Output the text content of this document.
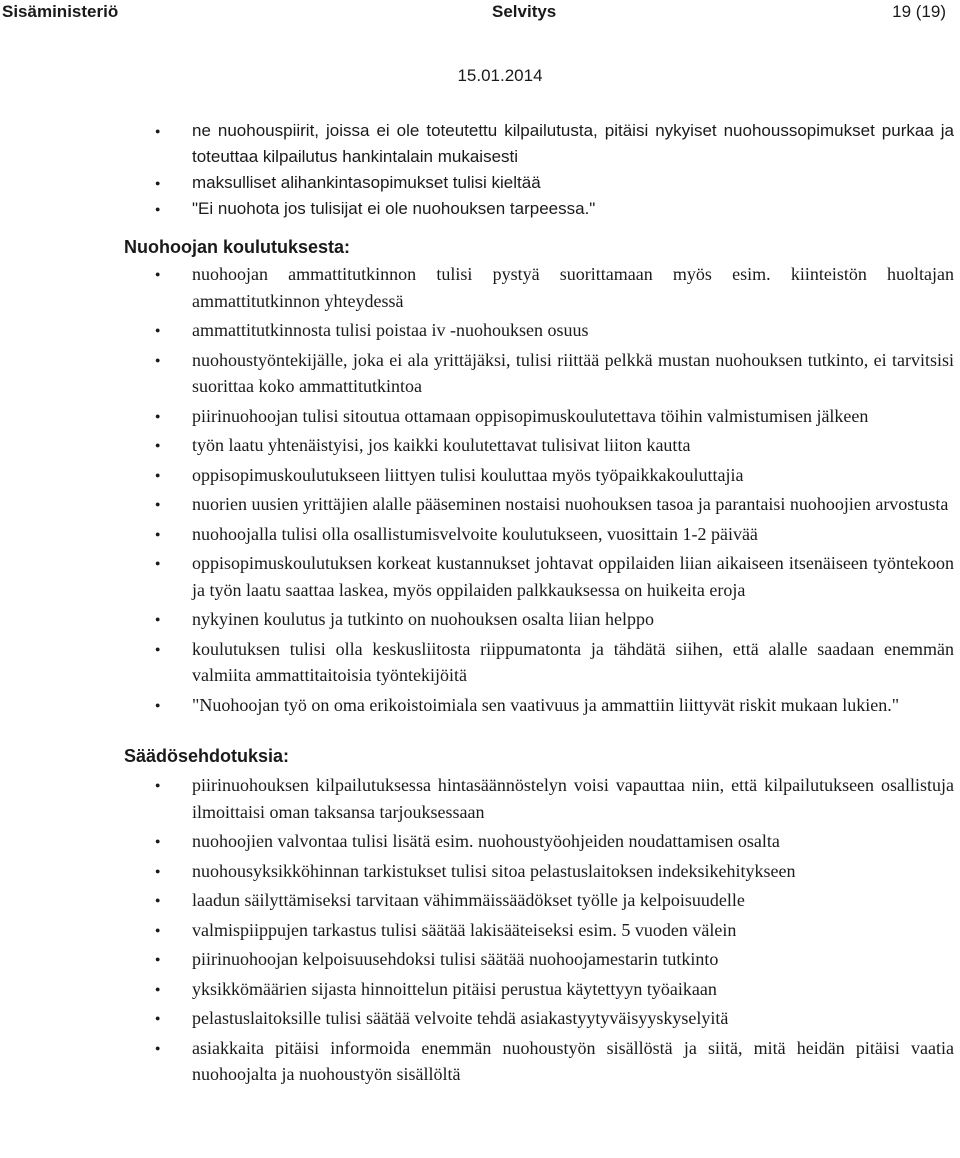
Sisäministeriö	Selvitys	19 (19)
15.01.2014
● ne nuohouspiirit, joissa ei ole toteutettu kilpailutusta, pitäisi nykyiset nuohoussopimukset purkaa ja toteuttaa kilpailutus hankintalain mukaisesti
● maksulliset alihankintasopimukset tulisi kieltää
● "Ei nuohota jos tulisijat ei ole nuohouksen tarpeessa."
Nuohoojan koulutuksesta:
● nuohoojan ammattitutkinnon tulisi pystyä suorittamaan myös esim. kiinteistön huoltajan ammattitutkinnon yhteydessä
● ammattitutkinnosta tulisi poistaa iv -nuohouksen osuus
● nuohoustyöntekijälle, joka ei ala yrittäjäksi, tulisi riittää pelkkä mustan nuohouksen tutkinto, ei tarvitsisi suorittaa koko ammattitutkintoa
● piirinuohoojan tulisi sitoutua ottamaan oppisopimuskoulutettava töihin valmistumisen jälkeen
● työn laatu yhtenäistyisi, jos kaikki koulutettavat tulisivat liiton kautta
● oppisopimuskoulutukseen liittyen tulisi kouluttaa myös työpaikkakouluttajia
● nuorien uusien yrittäjien alalle pääseminen nostaisi nuohouksen tasoa ja parantaisi nuohoojien arvostusta
● nuohoojalla tulisi olla osallistumisvelvoite koulutukseen, vuosittain 1-2 päivää
● oppisopimuskoulutuksen korkeat kustannukset johtavat oppilaiden liian aikaiseen itsenäiseen työntekoon ja työn laatu saattaa laskea, myös oppilaiden palkkauksessa on huikeita eroja
● nykyinen koulutus ja tutkinto on nuohouksen osalta liian helppo
● koulutuksen tulisi olla keskusliitosta riippumatonta ja tähdätä siihen, että alalle saadaan enemmän valmiita ammattitaitoisia työntekijöitä
● "Nuohoojan työ on oma erikoistoimiala sen vaativuus ja ammattiin liittyvät riskit mukaan lukien."
Säädösehdotuksia:
● piirinuohouksen kilpailutuksessa hintasäännöstelyn voisi vapauttaa niin, että kilpailutukseen osallistuja ilmoittaisi oman taksansa tarjouksessaan
● nuohoojien valvontaa tulisi lisätä esim. nuohoustyöohjeiden noudattamisen osalta
● nuohousyksikköhinnan tarkistukset tulisi sitoa pelastuslaitoksen indeksikehitykseen
● laadun säilyttämiseksi tarvitaan vähimmäissäädökset työlle ja kelpoisuudelle
● valmispiippujen tarkastus tulisi säätää lakisääteiseksi esim. 5 vuoden välein
● piirinuohoojan kelpoisuusehdoksi tulisi säätää nuohoojamestarin tutkinto
● yksikkömäärien sijasta hinnoittelun pitäisi perustua käytettyyn työaikaan
● pelastuslaitoksille tulisi säätää velvoite tehdä asiakastyytyväisyyskyselyitä
● asiakkaita pitäisi informoida enemmän nuohoustyön sisällöstä ja siitä, mitä heidän pitäisi vaatia nuohoojalta ja nuohoustyön sisällöltä
